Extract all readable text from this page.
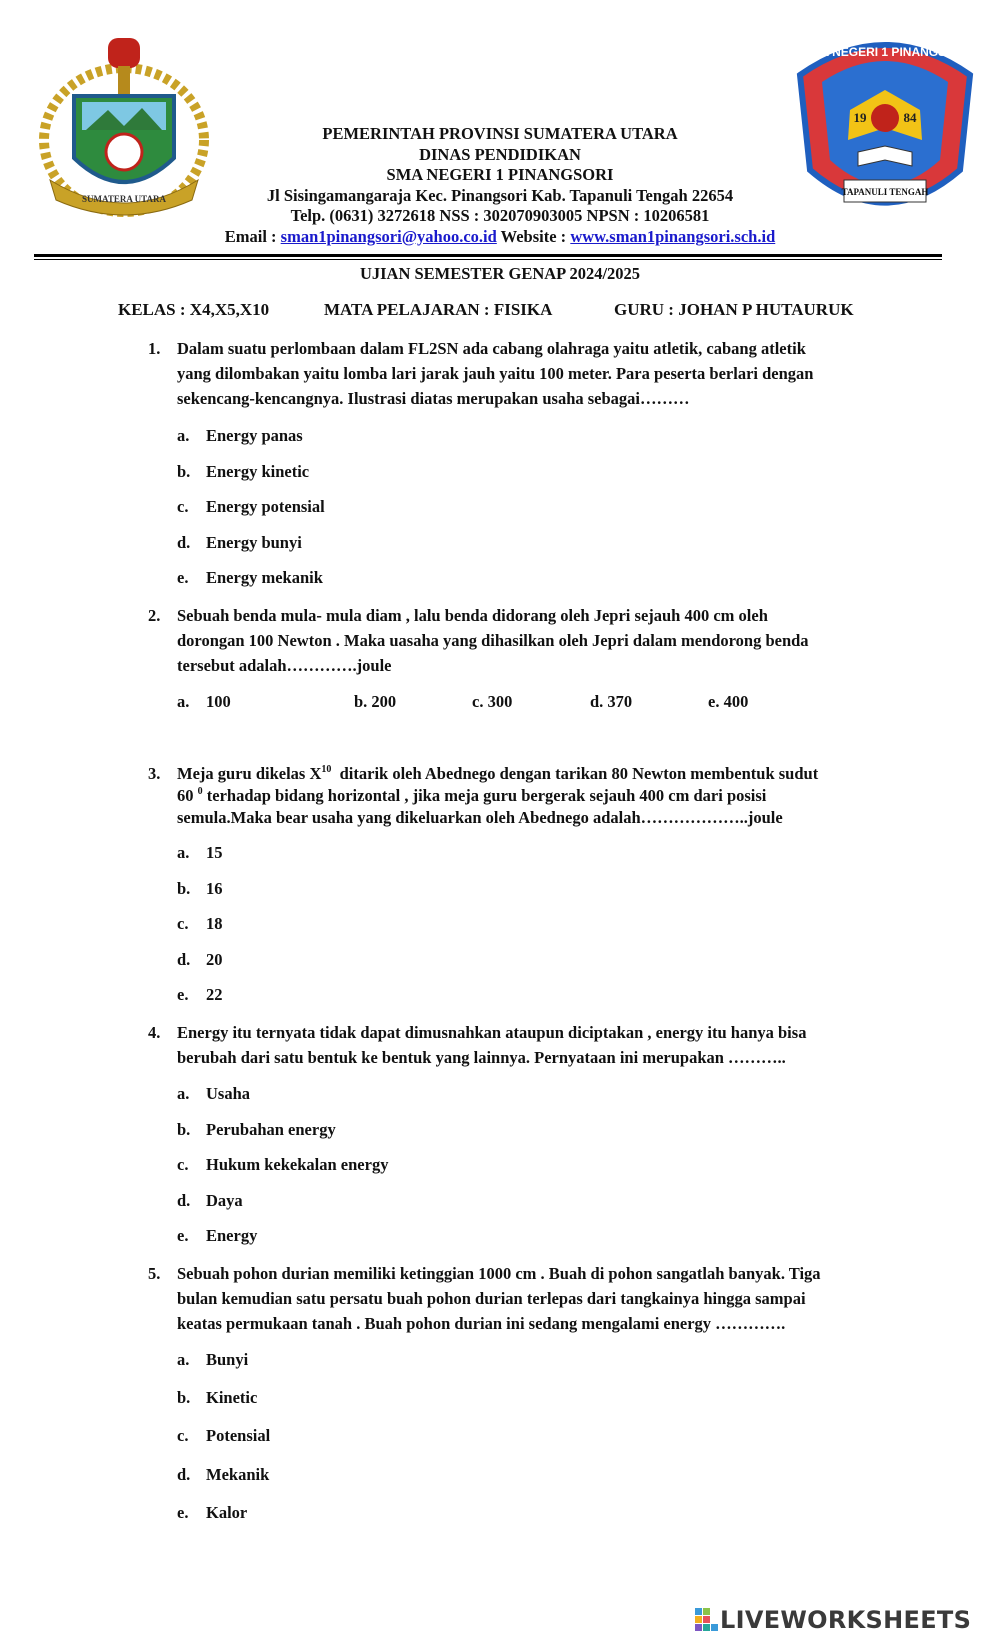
SUMATERA UTARA
SMA NEGERI 1 PINANGSORI
19	84
TAPANULI TENGAH
PEMERINTAH PROVINSI SUMATERA UTARA
DINAS PENDIDIKAN
SMA NEGERI 1 PINANGSORI
Jl Sisingamangaraja Kec. Pinangsori Kab. Tapanuli Tengah 22654
Telp. (0631) 3272618 NSS : 302070903005 NPSN : 10206581
Email : sman1pinangsori@yahoo.co.id Website : www.sman1pinangsori.sch.id
UJIAN SEMESTER GENAP 2024/2025
KELAS : X4,X5,X10	MATA PELAJARAN : FISIKA	GURU : JOHAN P HUTAURUK
1.	Dalam suatu perlombaan dalam FL2SN ada cabang olahraga yaitu atletik, cabang atletik
yang dilombakan yaitu lomba lari jarak jauh yaitu 100 meter. Para peserta berlari dengan
sekencang-kencangnya. Ilustrasi diatas merupakan usaha sebagai………
a. Energy panas
b. Energy kinetic
c. Energy potensial
d. Energy bunyi
e. Energy mekanik
2.	Sebuah benda mula- mula diam , lalu benda didorang oleh Jepri sejauh 400 cm oleh
dorongan 100 Newton . Maka uasaha yang dihasilkan oleh Jepri dalam mendorong benda
tersebut adalah………….joule
a. 100	b. 200	c. 300	d. 370	e. 400
3.	Meja guru dikelas $X^{10}$  ditarik oleh Abednego dengan tarikan 80 Newton membentuk sudut
60 $^0$ terhadap bidang horizontal , jika meja guru bergerak sejauh 400 cm dari posisi
semula.Maka bear usaha yang dikeluarkan oleh Abednego adalah………………..joule
a. 15
b. 16
c. 18
d. 20
e. 22
4.	Energy itu ternyata tidak dapat dimusnahkan ataupun diciptakan , energy itu hanya bisa
berubah dari satu bentuk ke bentuk yang lainnya. Pernyataan ini merupakan ………..
a. Usaha
b. Perubahan energy
c. Hukum kekekalan energy
d. Daya
e. Energy
5.	Sebuah pohon durian memiliki ketinggian 1000 cm . Buah di pohon sangatlah banyak. Tiga
bulan kemudian satu persatu buah pohon durian terlepas dari tangkainya hingga sampai
keatas permukaan tanah . Buah pohon durian ini sedang mengalami energy ………….
a. Bunyi
b. Kinetic
c. Potensial
d. Mekanik
e. Kalor
LIVEWORKSHEETS
